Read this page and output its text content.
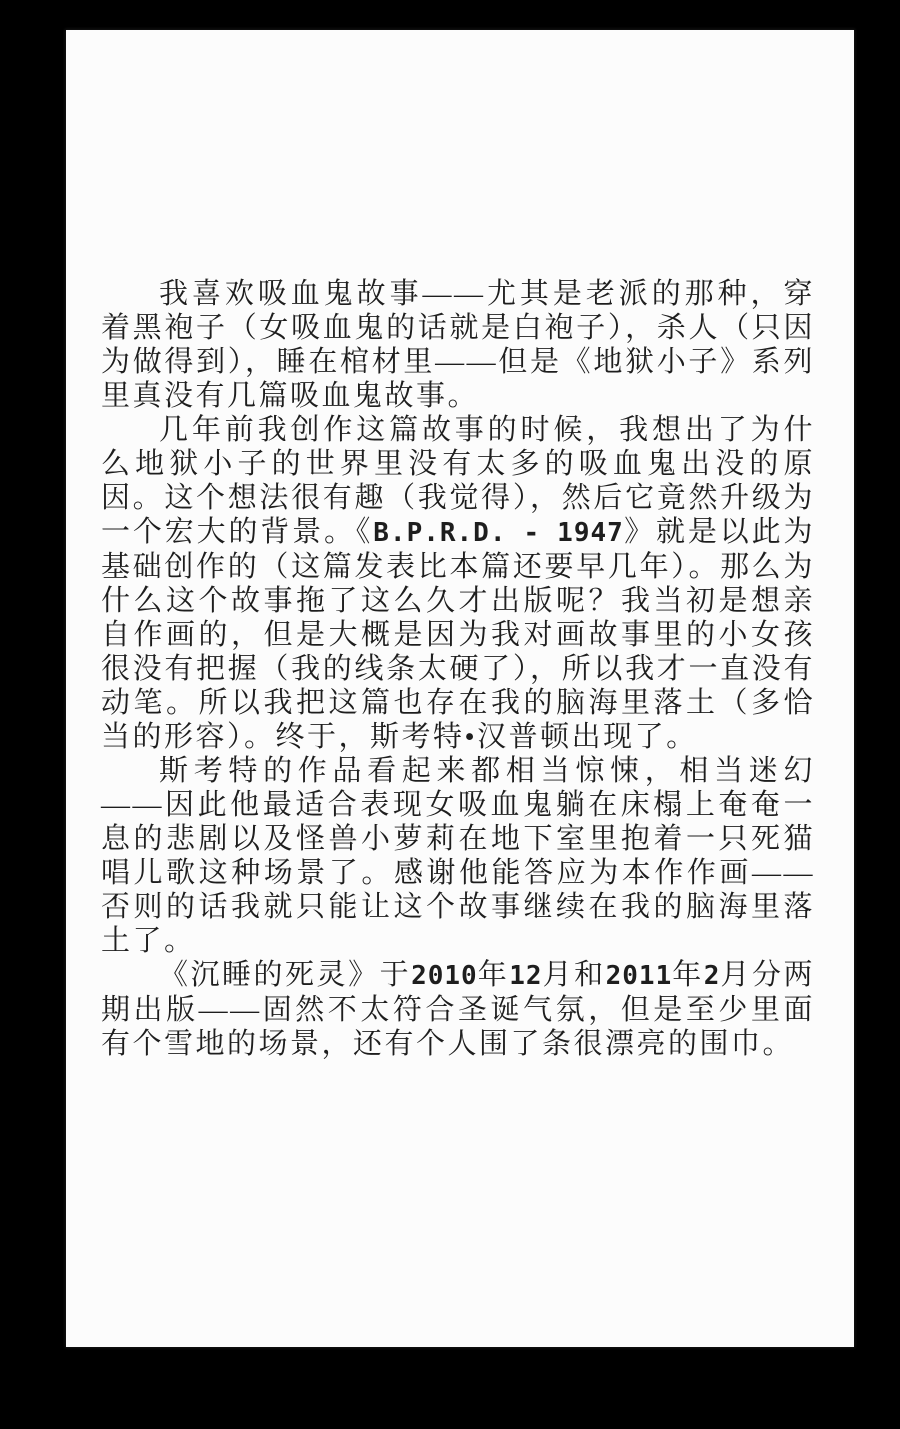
我喜欢吸血鬼故事——尤其是老派的那种，穿着黑袍子（女吸血鬼的话就是白袍子），杀人（只因为做得到），睡在棺材里——但是《地狱小子》系列里真没有几篇吸血鬼故事。

几年前我创作这篇故事的时候，我想出了为什么地狱小子的世界里没有太多的吸血鬼出没的原因。这个想法很有趣（我觉得），然后它竟然升级为一个宏大的背景。《B.P.R.D. - 1947》就是以此为基础创作的（这篇发表比本篇还要早几年）。那么为什么这个故事拖了这么久才出版呢？我当初是想亲自作画的，但是大概是因为我对画故事里的小女孩很没有把握（我的线条太硬了），所以我才一直没有动笔。所以我把这篇也存在我的脑海里落土（多恰当的形容）。终于，斯考特•汉普顿出现了。

斯考特的作品看起来都相当惊悚，相当迷幻——因此他最适合表现女吸血鬼躺在床榻上奄奄一息的悲剧以及怪兽小萝莉在地下室里抱着一只死猫唱儿歌这种场景了。感谢他能答应为本作作画——否则的话我就只能让这个故事继续在我的脑海里落土了。

《沉睡的死灵》于2010年12月和2011年2月分两期出版——固然不太符合圣诞气氛，但是至少里面有个雪地的场景，还有个人围了条很漂亮的围巾。
